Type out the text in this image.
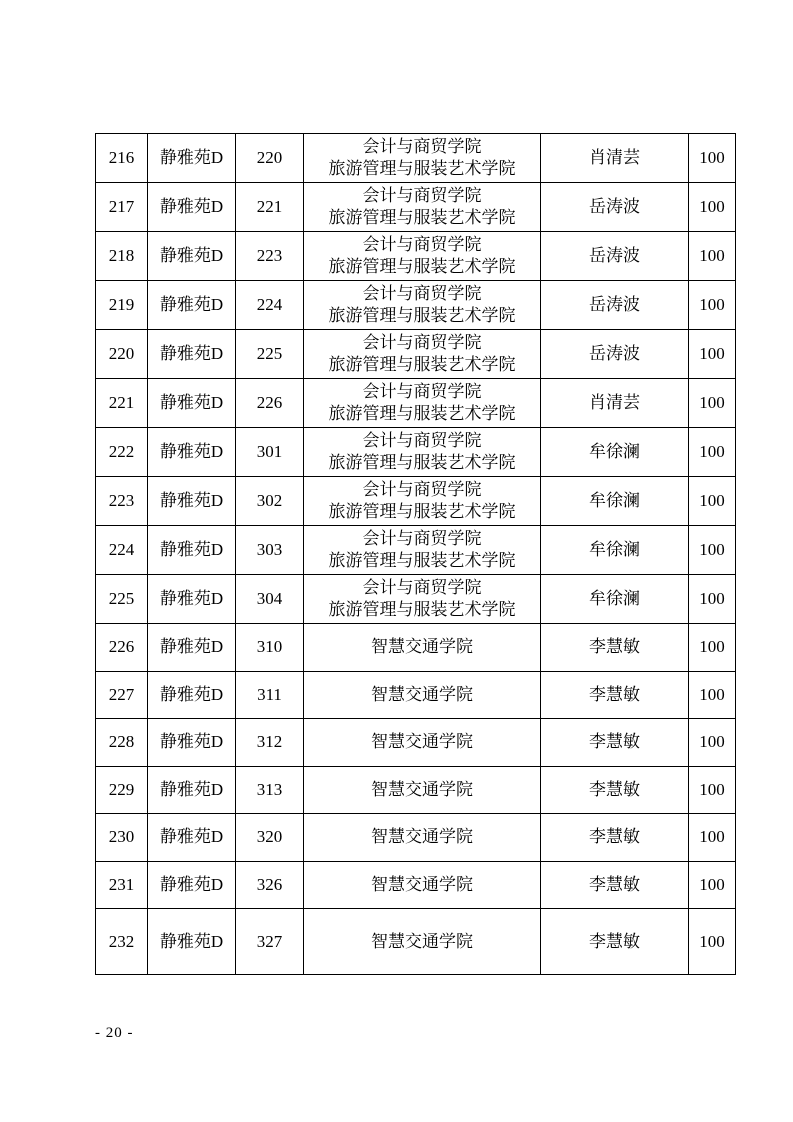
216	静雅苑D	220	会计与商贸学院
旅游管理与服装艺术学院	肖清芸	100
217	静雅苑D	221	会计与商贸学院
旅游管理与服装艺术学院	岳涛波	100
218	静雅苑D	223	会计与商贸学院
旅游管理与服装艺术学院	岳涛波	100
219	静雅苑D	224	会计与商贸学院
旅游管理与服装艺术学院	岳涛波	100
220	静雅苑D	225	会计与商贸学院
旅游管理与服装艺术学院	岳涛波	100
221	静雅苑D	226	会计与商贸学院
旅游管理与服装艺术学院	肖清芸	100
222	静雅苑D	301	会计与商贸学院
旅游管理与服装艺术学院	牟徐澜	100
223	静雅苑D	302	会计与商贸学院
旅游管理与服装艺术学院	牟徐澜	100
224	静雅苑D	303	会计与商贸学院
旅游管理与服装艺术学院	牟徐澜	100
225	静雅苑D	304	会计与商贸学院
旅游管理与服装艺术学院	牟徐澜	100
226	静雅苑D	310	智慧交通学院	李慧敏	100
227	静雅苑D	311	智慧交通学院	李慧敏	100
228	静雅苑D	312	智慧交通学院	李慧敏	100
229	静雅苑D	313	智慧交通学院	李慧敏	100
230	静雅苑D	320	智慧交通学院	李慧敏	100
231	静雅苑D	326	智慧交通学院	李慧敏	100
232	静雅苑D	327	智慧交通学院	李慧敏	100
- 20 -
